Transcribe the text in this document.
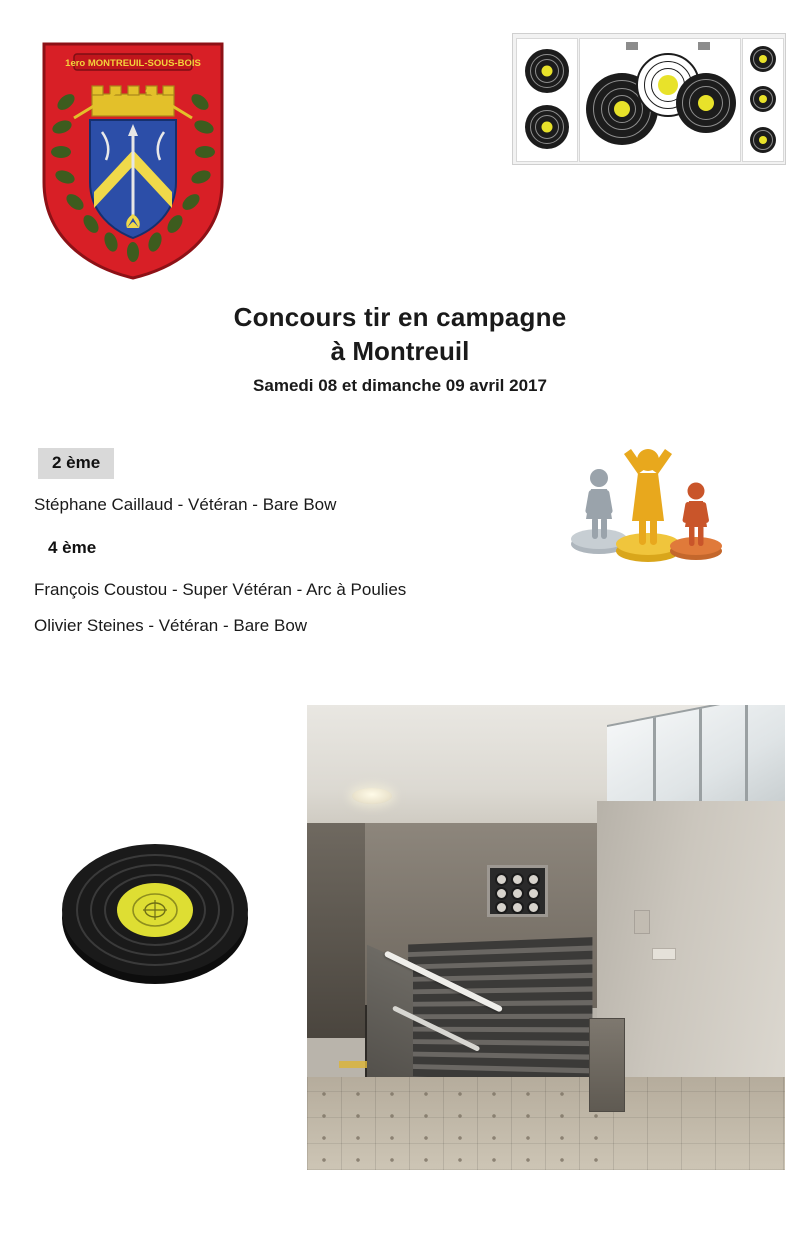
1ero MONTREUIL-SOUS-BOIS
Concours tir en campagne
à Montreuil
Samedi 08 et dimanche 09 avril 2017
2 ème
Stéphane Caillaud - Vétéran - Bare Bow
4 ème
François Coustou - Super Vétéran - Arc à Poulies
Olivier Steines - Vétéran - Bare Bow
